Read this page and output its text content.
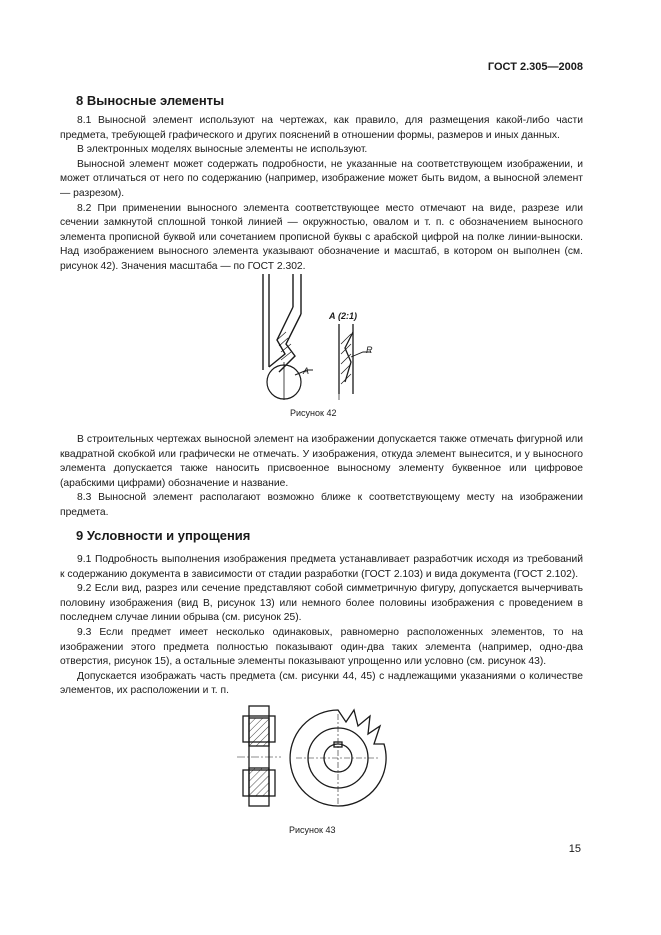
ГОСТ 2.305—2008
8 Выносные элементы

8.1 Выносной элемент используют на чертежах, как правило, для размещения какой-либо части предмета, требующей графического и других пояснений в отношении формы, размеров и иных данных.

В электронных моделях выносные элементы не используют.

Выносной элемент может содержать подробности, не указанные на соответствующем изображении, и может отличаться от него по содержанию (например, изображение может быть видом, а выносной элемент — разрезом).

8.2 При применении выносного элемента соответствующее место отмечают на виде, разрезе или сечении замкнутой сплошной тонкой линией — окружностью, овалом и т. п. с обозначением выносного элемента прописной буквой или сочетанием прописной буквы с арабской цифрой на полке линии-выноски. Над изображением выносного элемента указывают обозначение и масштаб, в котором он выполнен (см. рисунок 42). Значения масштаба — по ГОСТ 2.302.

А
А (2:1)
R
Рисунок 42

В строительных чертежах выносной элемент на изображении допускается также отмечать фигурной или квадратной скобкой или графически не отмечать. У изображения, откуда элемент вынесится, и у выносного элемента допускается также наносить присвоенное выносному элементу буквенное или цифровое (арабскими цифрами) обозначение и название.

8.3 Выносной элемент располагают возможно ближе к соответствующему месту на изображении предмета.

9 Условности и упрощения

9.1 Подробность выполнения изображения предмета устанавливает разработчик исходя из требований к содержанию документа в зависимости от стадии разработки (ГОСТ 2.103) и вида документа (ГОСТ 2.102).

9.2 Если вид, разрез или сечение представляют собой симметричную фигуру, допускается вычерчивать половину изображения (вид В, рисунок 13) или немного более половины изображения с проведением в последнем случае линии обрыва (см. рисунок 25).

9.3 Если предмет имеет несколько одинаковых, равномерно расположенных элементов, то на изображении этого предмета полностью показывают один-два таких элемента (например, одно-два отверстия, рисунок 15), а остальные элементы показывают упрощенно или условно (см. рисунок 43).

Допускается изображать часть предмета (см. рисунки 44, 45) с надлежащими указаниями о количестве элементов, их расположении и т. п.

Рисунок 43
15
